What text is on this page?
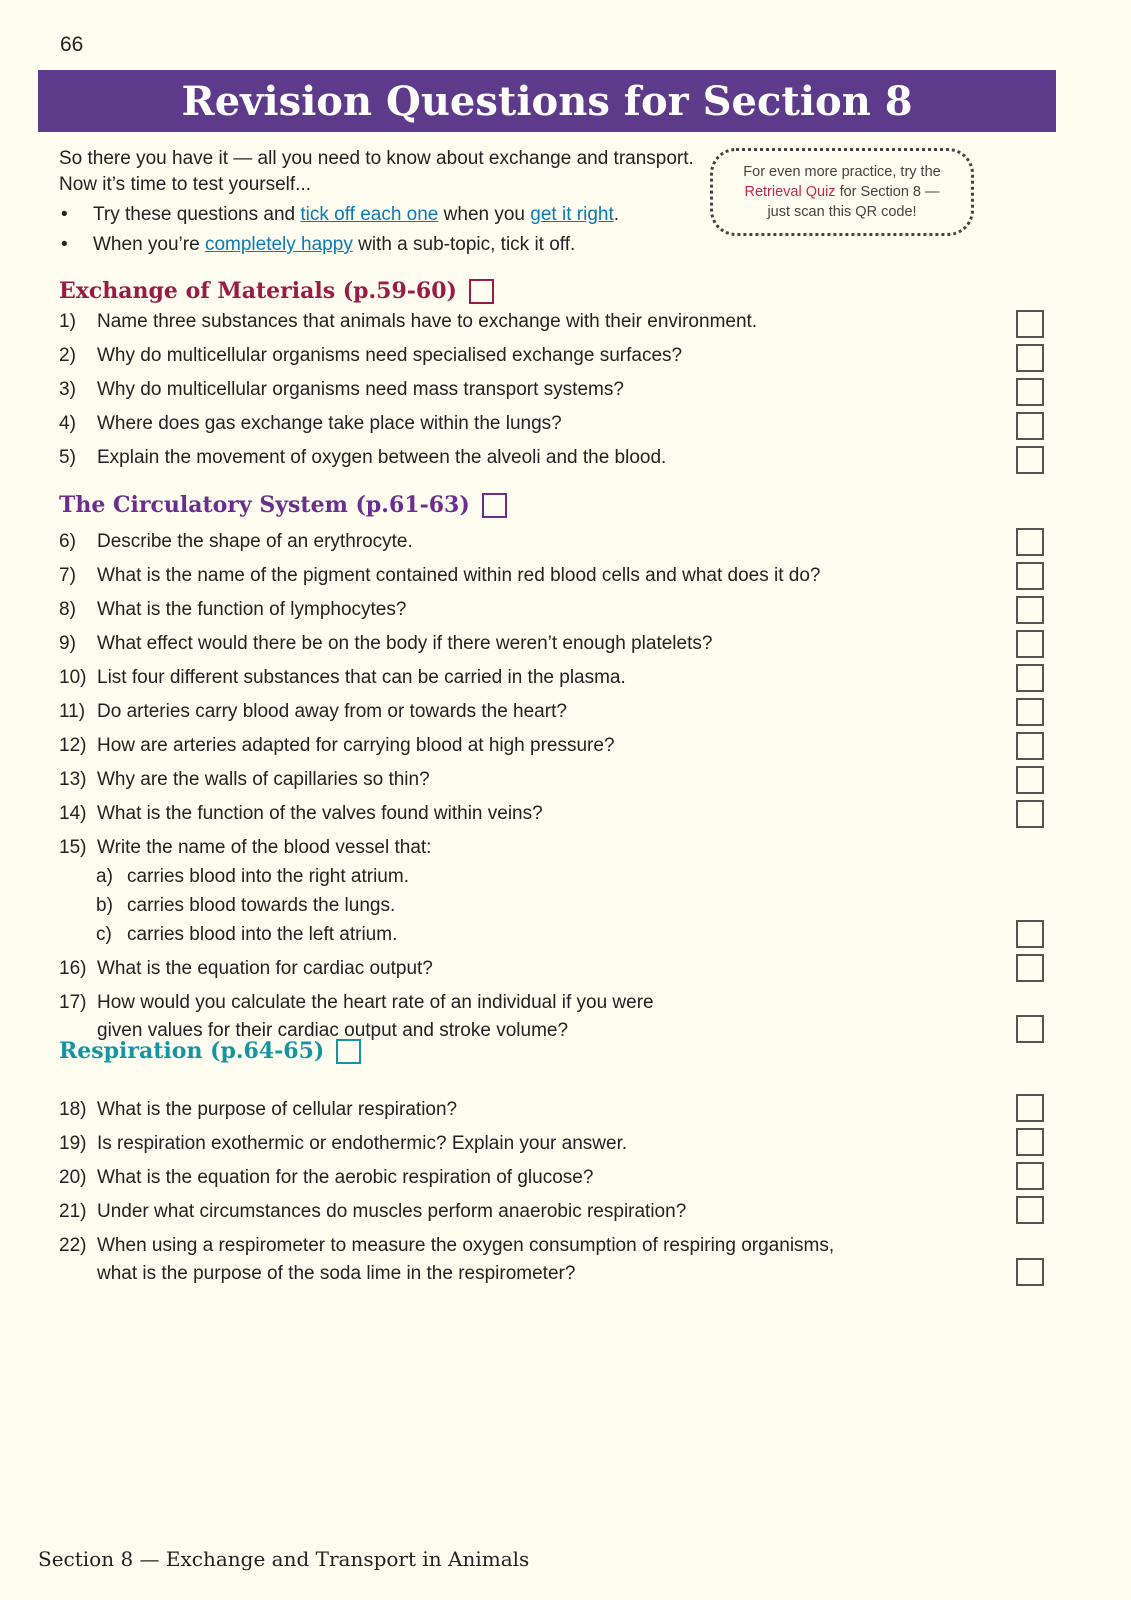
66
Revision Questions for Section 8

So there you have it — all you need to know about exchange and transport. Now it’s time to test yourself...

• Try these questions and tick off each one when you get it right.
• When you’re completely happy with a sub-topic, tick it off.
For even more practice, try the
Retrieval Quiz for Section 8 —
just scan this QR code!
Exchange of Materials (p.59-60)
1) Name three substances that animals have to exchange with their environment.
2) Why do multicellular organisms need specialised exchange surfaces?
3) Why do multicellular organisms need mass transport systems?
4) Where does gas exchange take place within the lungs?
5) Explain the movement of oxygen between the alveoli and the blood.
The Circulatory System (p.61-63)
6) Describe the shape of an erythrocyte.
7) What is the name of the pigment contained within red blood cells and what does it do?
8) What is the function of lymphocytes?
9) What effect would there be on the body if there weren’t enough platelets?
10) List four different substances that can be carried in the plasma.
11) Do arteries carry blood away from or towards the heart?
12) How are arteries adapted for carrying blood at high pressure?
13) Why are the walls of capillaries so thin?
14) What is the function of the valves found within veins?
15) Write the name of the blood vessel that:
a) carries blood into the right atrium.
b) carries blood towards the lungs.
c) carries blood into the left atrium.
16) What is the equation for cardiac output?
17) How would you calculate the heart rate of an individual if you were
given values for their cardiac output and stroke volume?
Respiration (p.64-65)
18) What is the purpose of cellular respiration?
19) Is respiration exothermic or endothermic? Explain your answer.
20) What is the equation for the aerobic respiration of glucose?
21) Under what circumstances do muscles perform anaerobic respiration?
22) When using a respirometer to measure the oxygen consumption of respiring organisms,
what is the purpose of the soda lime in the respirometer?
Section 8 — Exchange and Transport in Animals
